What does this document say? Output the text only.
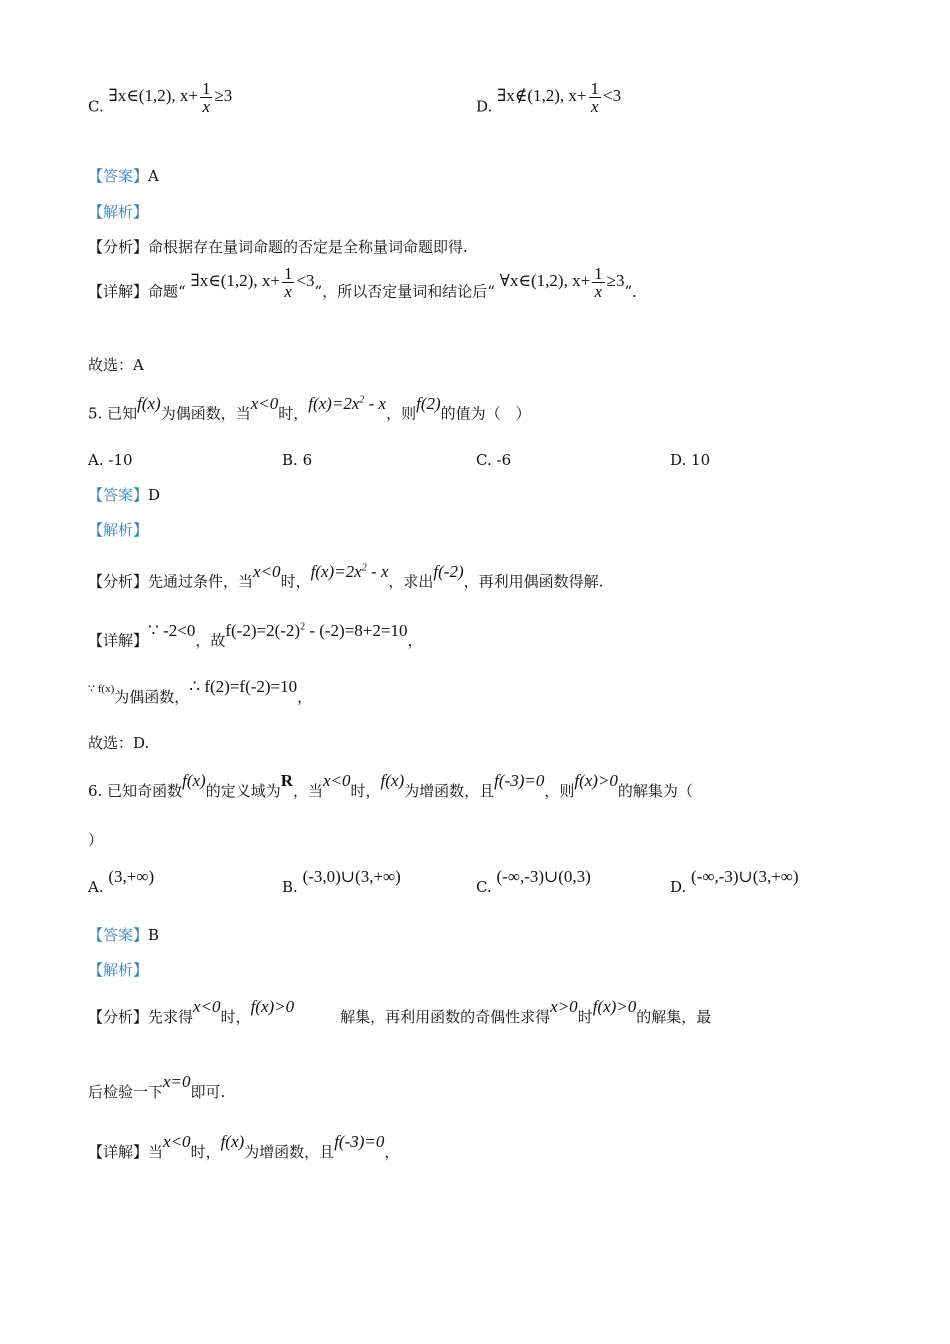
C. ∃x∈(1,2), $x+ \frac{1}{x} \ge 3$
D. ∃x∉(1,2), $x+ \frac{1}{x} <3$
【答案】A
【解析】
【分析】命根据存在量词命题的否定是全称量词命题即得.
【详解】命题“ ∃x∈(1,2), $x+ \frac{1}{x} <3$”，所以否定量词和结论后“ ∀x∈(1,2), $x+ \frac{1}{x} \ge 3$”．
故选：A
5. 已知f(x)为偶函数，当x<0时，$f(x)=2x^2 - x$，则f(2)的值为（　）
A. -10	B. 6	C. -6	D. 10
【答案】D
【解析】
【分析】先通过条件，当x<0时，$f(x)=2x^2 - x$，求出f(-2)，再利用偶函数得解.
【详解】∵ -2<0，故$f(-2)=2(-2)^2 - (-2)=8+2=10$，
$^{\because f(x)}$为偶函数，∴ f(2)=f(-2)=10，
故选：D.
6. 已知奇函数f(x)的定义域为R，当x<0时，f(x)为增函数，且f(-3)=0，则f(x)>0的解集为（
）
A. (3,+∞)
B. (-3,0)∪(3,+∞)
C. (-∞,-3)∪(0,3)
D. (-∞,-3)∪(3,+∞)
【答案】B
【解析】
【分析】先求得x<0时，f(x)>0解集，再利用函数的奇偶性求得x>0时f(x)>0的解集，最
后检验一下x=0即可.
【详解】当x<0时，f(x)为增函数，且f(-3)=0，
